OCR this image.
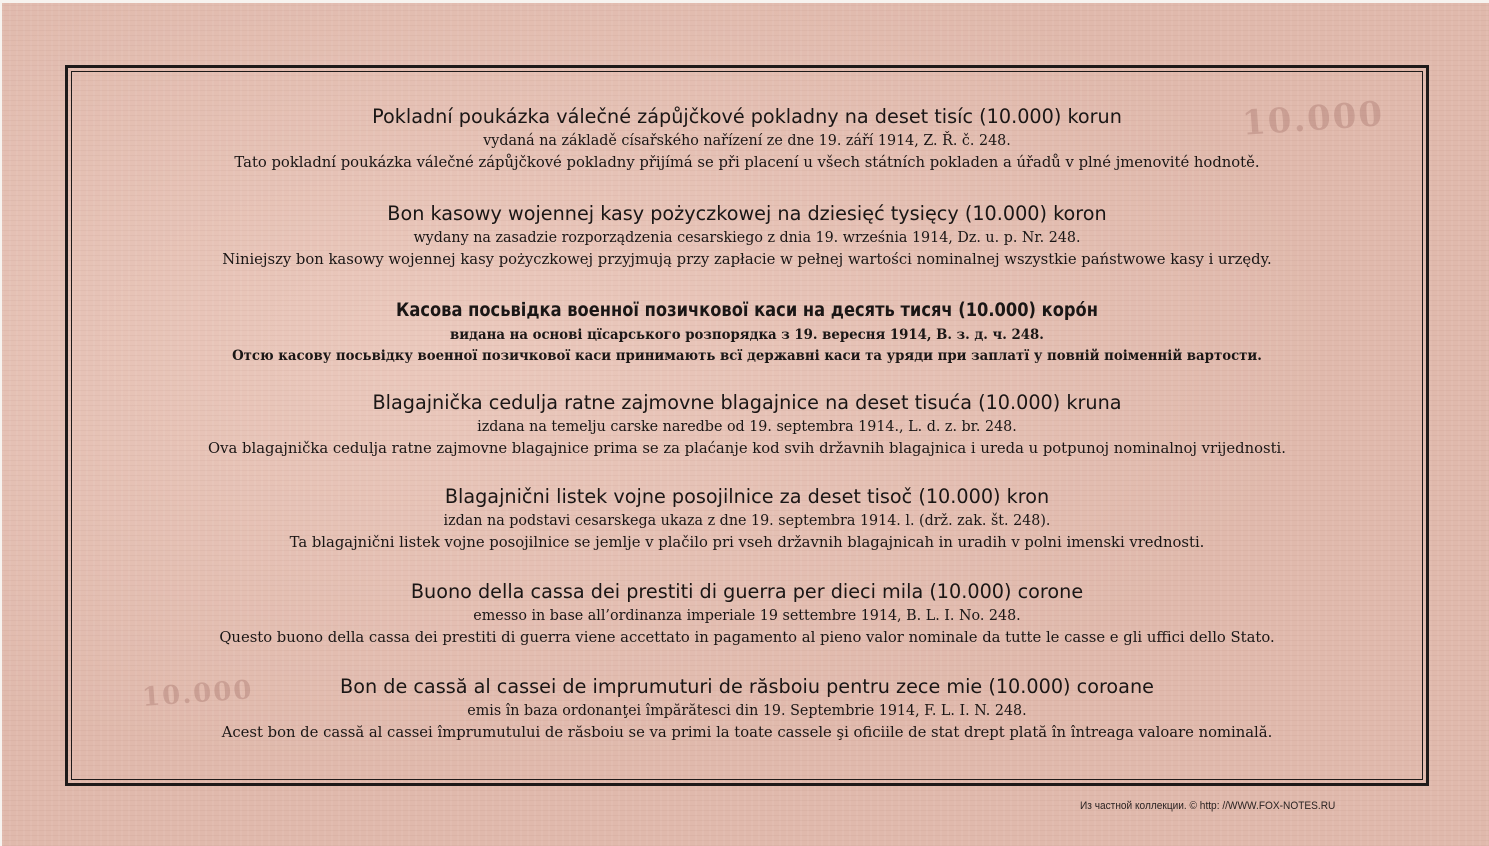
10.000
10.000
Pokladní poukázka válečné zápůjčkové pokladny na deset tisíc (10.000) korun
vydaná na základě císařského nařízení ze dne 19. září 1914, Z. Ř. č. 248.
Tato pokladní poukázka válečné zápůjčkové pokladny přijímá se při placení u všech státních pokladen a úřadů v plné jmenovité hodnotě.
Bon kasowy wojennej kasy pożyczkowej na dziesięć tysięcy (10.000) koron
wydany na zasadzie rozporządzenia cesarskiego z dnia 19. września 1914, Dz. u. p. Nr. 248.
Niniejszy bon kasowy wojennej kasy pożyczkowej przyjmują przy zapłacie w pełnej wartości nominalnej wszystkie państwowe kasy i urzędy.
Касова посьвідка военної позичкової каси на десять тисяч (10.000) корóн
видана на основі цїсарського розпорядка з 19. вересня 1914, В. з. д. ч. 248.
Отсю касову посьвідку военної позичкової каси принимають всї державні каси та уряди при заплатї у повній поіменній вартости.
Blagajnička cedulja ratne zajmovne blagajnice na deset tisuća (10.000) kruna
izdana na temelju carske naredbe od 19. septembra 1914., L. d. z. br. 248.
Ova blagajnička cedulja ratne zajmovne blagajnice prima se za plaćanje kod svih državnih blagajnica i ureda u potpunoj nominalnoj vrijednosti.
Blagajnični listek vojne posojilnice za deset tisoč (10.000) kron
izdan na podstavi cesarskega ukaza z dne 19. septembra 1914. l. (drž. zak. št. 248).
Ta blagajnični listek vojne posojilnice se jemlje v plačilo pri vseh državnih blagajnicah in uradih v polni imenski vrednosti.
Buono della cassa dei prestiti di guerra per dieci mila (10.000) corone
emesso in base all’ordinanza imperiale 19 settembre 1914, B. L. I. No. 248.
Questo buono della cassa dei prestiti di guerra viene accettato in pagamento al pieno valor nominale da tutte le casse e gli uffici dello Stato.
Bon de cassă al cassei de imprumuturi de răsboiu pentru zece mie (10.000) coroane
emis în baza ordonanţei împărătesci din 19. Septembrie 1914, F. L. I. N. 248.
Acest bon de cassă al cassei împrumutului de răsboiu se va primi la toate cassele şi oficiile de stat drept plată în întreaga valoare nominală.
Из частной коллекции. © http: //WWW.FOX-NOTES.RU
